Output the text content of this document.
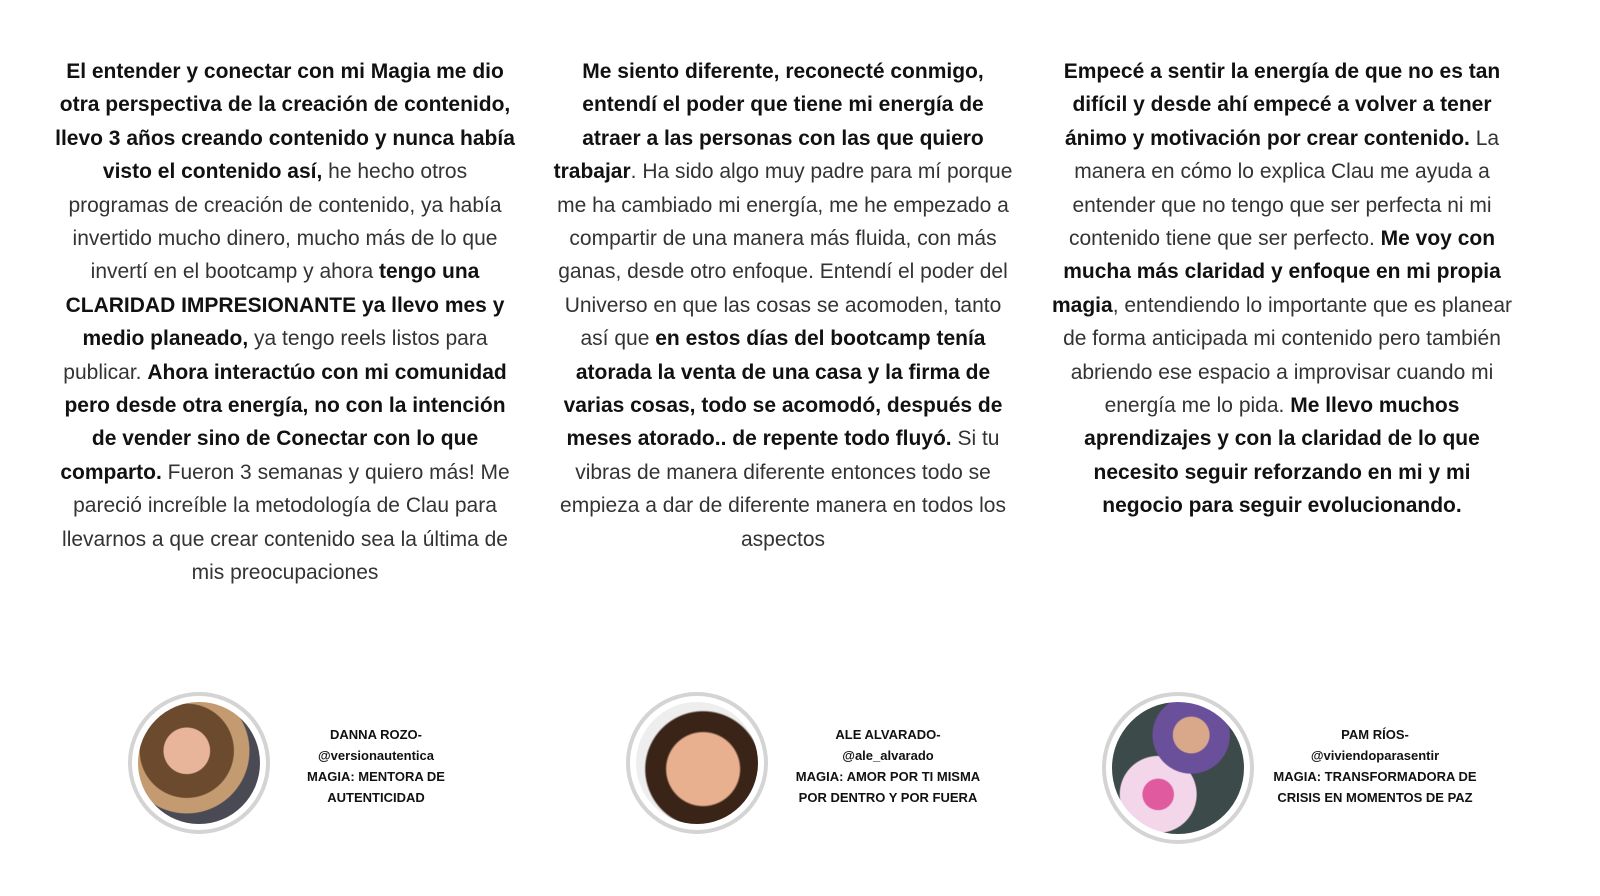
El entender y conectar con mi Magia me dio otra perspectiva de la creación de contenido, llevo 3 años creando contenido y nunca había visto el contenido así, he hecho otros programas de creación de contenido, ya había invertido mucho dinero, mucho más de lo que invertí en el bootcamp y ahora tengo una CLARIDAD IMPRESIONANTE ya llevo mes y medio planeado, ya tengo reels listos para publicar. Ahora interactúo con mi comunidad pero desde otra energía, no con la intención de vender sino de Conectar con lo que comparto. Fueron 3 semanas y quiero más! Me pareció increíble la metodología de Clau para llevarnos a que crear contenido sea la última de mis preocupaciones
Me siento diferente, reconecté conmigo, entendí el poder que tiene mi energía de atraer a las personas con las que quiero trabajar. Ha sido algo muy padre para mí porque me ha cambiado mi energía, me he empezado a compartir de una manera más fluida, con más ganas, desde otro enfoque. Entendí el poder del Universo en que las cosas se acomoden, tanto así que en estos días del bootcamp tenía atorada la venta de una casa y la firma de varias cosas, todo se acomodó, después de meses atorado.. de repente todo fluyó. Si tu vibras de manera diferente entonces todo se empieza a dar de diferente manera en todos los aspectos
Empecé a sentir la energía de que no es tan difícil y desde ahí empecé a volver a tener ánimo y motivación por crear contenido. La manera en cómo lo explica Clau me ayuda a entender que no tengo que ser perfecta ni mi contenido tiene que ser perfecto. Me voy con mucha más claridad y enfoque en mi propia magia, entendiendo lo importante que es planear de forma anticipada mi contenido pero también abriendo ese espacio a improvisar cuando mi energía me lo pida. Me llevo muchos aprendizajes y con la claridad de lo que necesito seguir reforzando en mi y mi negocio para seguir evolucionando.
DANNA ROZO-
@versionautentica
MAGIA: MENTORA DE
AUTENTICIDAD
ALE ALVARADO-
@ale_alvarado
MAGIA: AMOR POR TI MISMA
POR DENTRO Y POR FUERA
PAM RÍOS-
@viviendoparasentir
MAGIA: TRANSFORMADORA DE
CRISIS EN MOMENTOS DE PAZ
